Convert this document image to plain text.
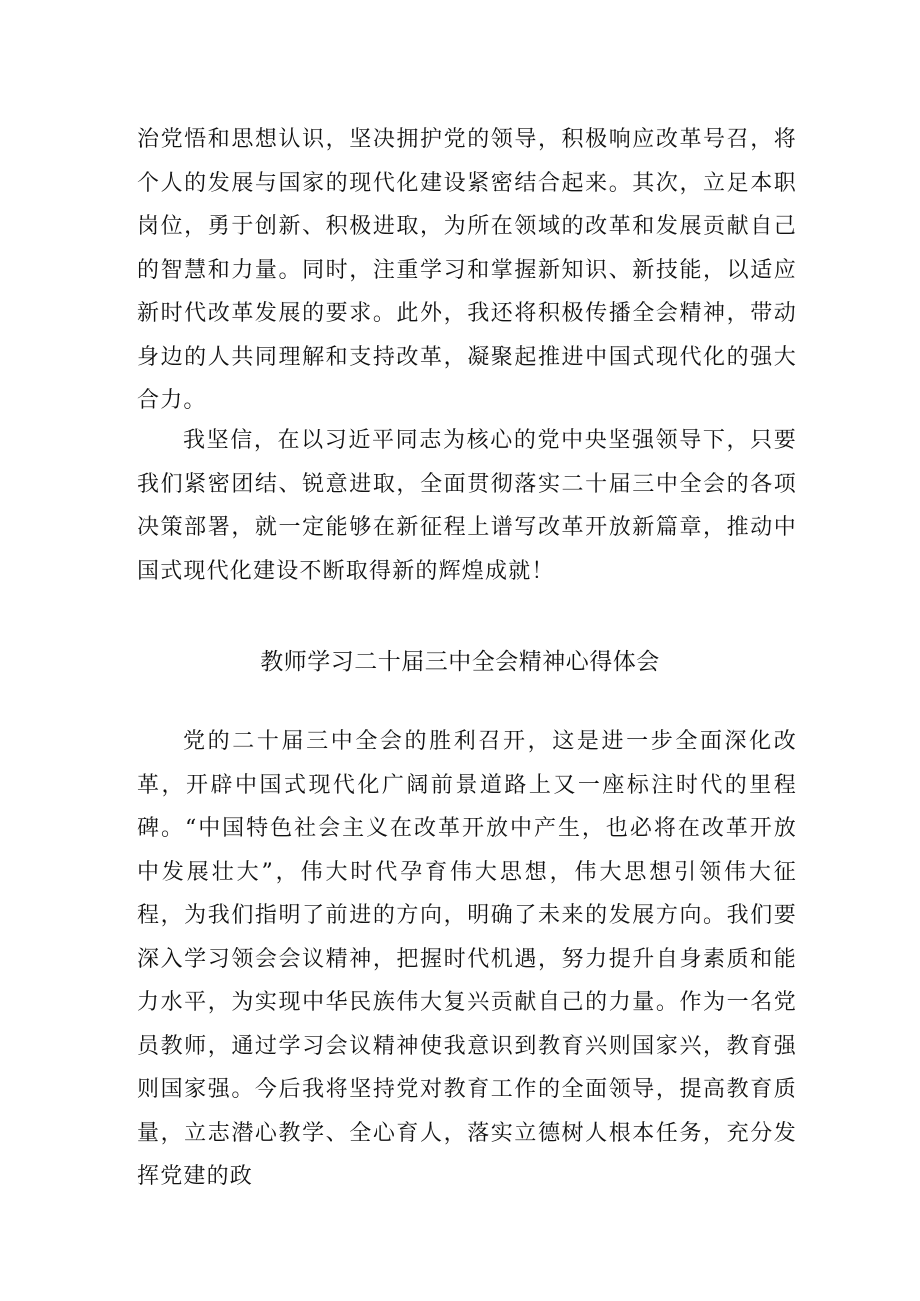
治党悟和思想认识，坚决拥护党的领导，积极响应改革号召，将个人的发展与国家的现代化建设紧密结合起来。其次，立足本职岗位，勇于创新、积极进取，为所在领域的改革和发展贡献自己的智慧和力量。同时，注重学习和掌握新知识、新技能，以适应新时代改革发展的要求。此外，我还将积极传播全会精神，带动身边的人共同理解和支持改革，凝聚起推进中国式现代化的强大合力。

我坚信，在以习近平同志为核心的党中央坚强领导下，只要我们紧密团结、锐意进取，全面贯彻落实二十届三中全会的各项决策部署，就一定能够在新征程上谱写改革开放新篇章，推动中国式现代化建设不断取得新的辉煌成就！

教师学习二十届三中全会精神心得体会

党的二十届三中全会的胜利召开，这是进一步全面深化改革，开辟中国式现代化广阔前景道路上又一座标注时代的里程碑。“中国特色社会主义在改革开放中产生，也必将在改革开放中发展壮大”，伟大时代孕育伟大思想，伟大思想引领伟大征程，为我们指明了前进的方向，明确了未来的发展方向。我们要深入学习领会会议精神，把握时代机遇，努力提升自身素质和能力水平，为实现中华民族伟大复兴贡献自己的力量。作为一名党员教师，通过学习会议精神使我意识到教育兴则国家兴，教育强则国家强。今后我将坚持党对教育工作的全面领导，提高教育质量，立志潜心教学、全心育人，落实立德树人根本任务，充分发挥党建的政
